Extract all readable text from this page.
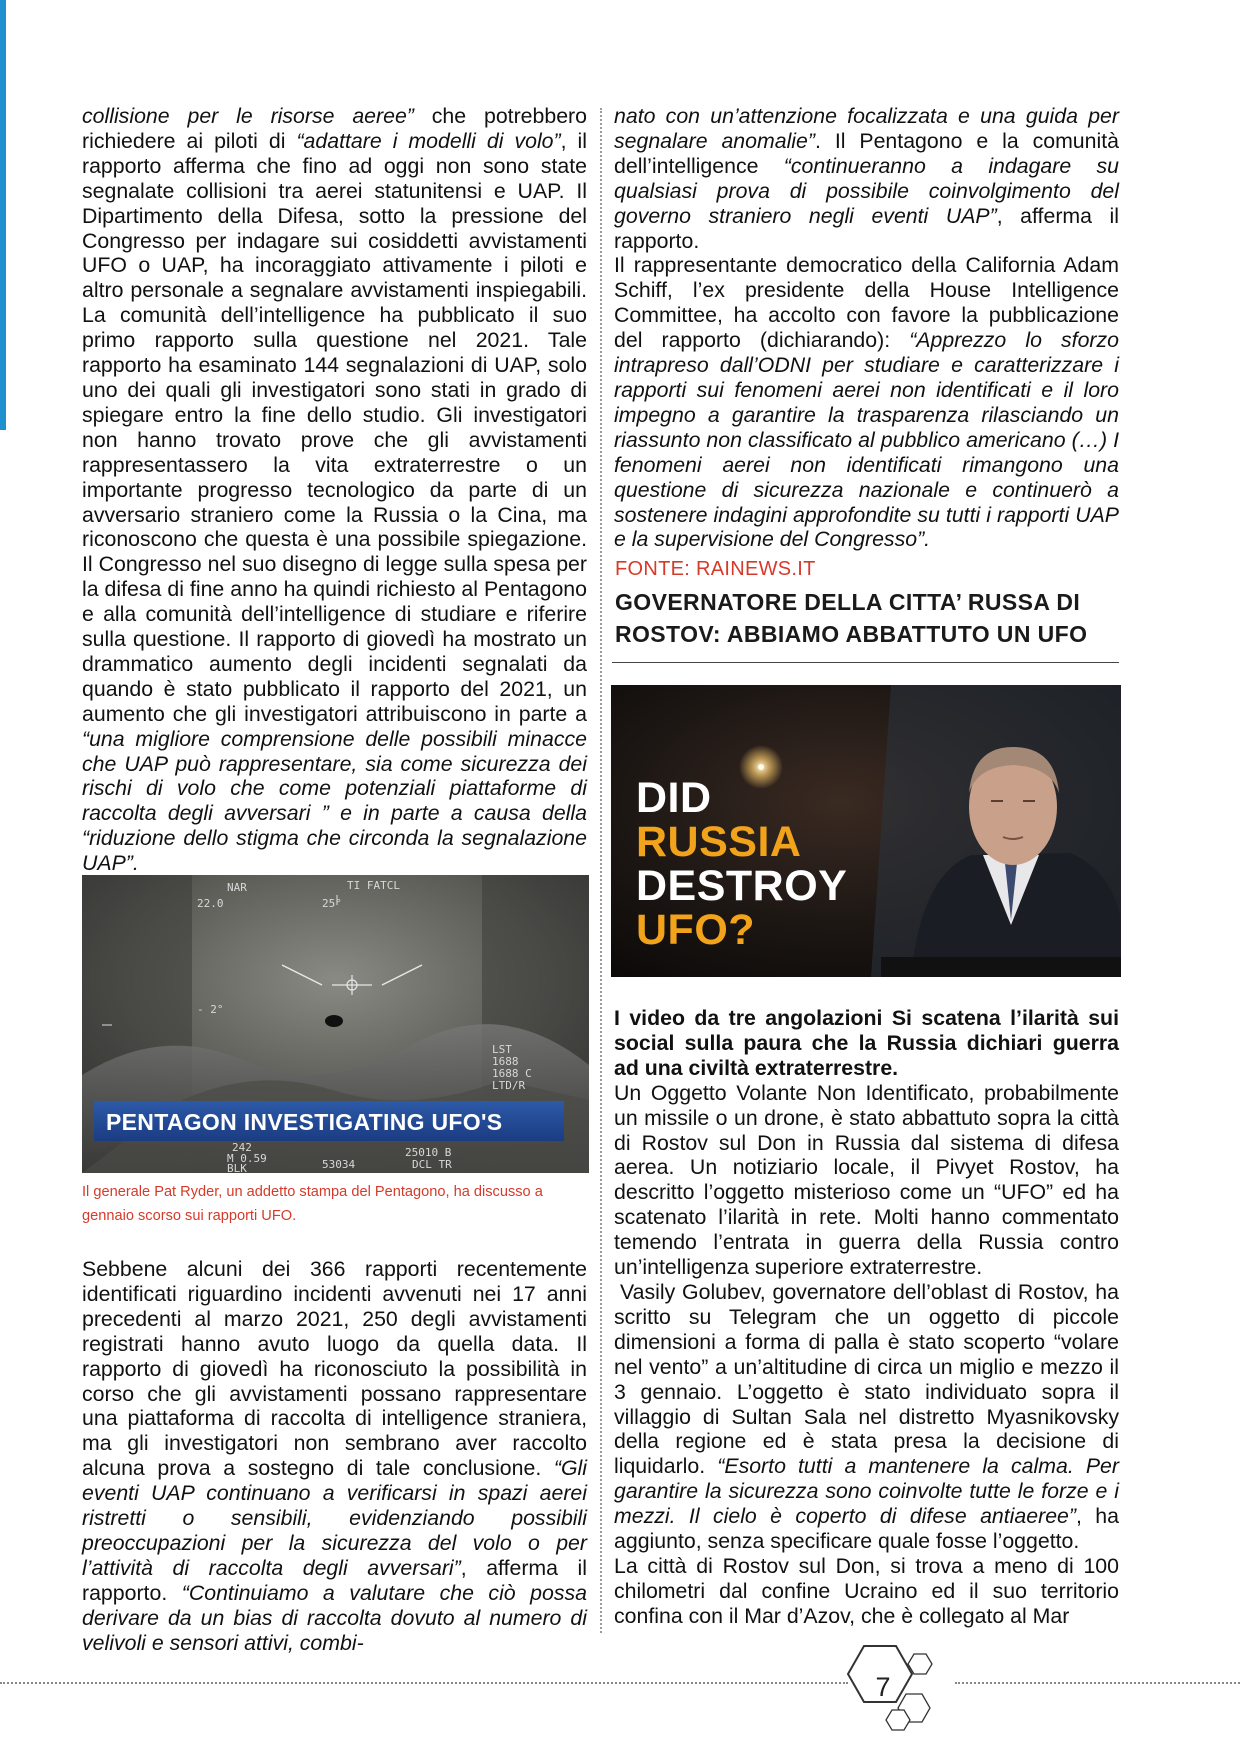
collisione per le risorse aeree” che potrebbero richiedere ai piloti di “adattare i modelli di volo”, il rapporto afferma che fino ad oggi non sono state segnalate collisioni tra aerei statunitensi e UAP. Il Dipartimento della Difesa, sotto la pressione del Congresso per indagare sui cosiddetti avvistamenti UFO o UAP, ha incoraggiato attivamente i piloti e altro personale a segnalare avvistamenti inspiegabili. La comunità dell’intelligence ha pubblicato il suo primo rapporto sulla questione nel 2021. Tale rapporto ha esaminato 144 segnalazioni di UAP, solo uno dei quali gli investigatori sono stati in grado di spiegare entro la fine dello studio. Gli investigatori non hanno trovato prove che gli avvistamenti rappresentassero la vita extraterrestre o un importante progresso tecnologico da parte di un avversario straniero come la Russia o la Cina, ma riconoscono che questa è una possibile spiegazione. Il Congresso nel suo disegno di legge sulla spesa per la difesa di fine anno ha quindi richiesto al Pentagono e alla comunità dell’intelligence di studiare e riferire sulla questione. Il rapporto di giovedì ha mostrato un drammatico aumento degli incidenti segnalati da quando è stato pubblicato il rapporto del 2021, un aumento che gli investigatori attribuiscono in parte a “una migliore comprensione delle possibili minacce che UAP può rappresentare, sia come sicurezza dei rischi di volo che come potenziali piattaforme di raccolta degli avversari ” e in parte a causa della “riduzione dello stigma che circonda la segnalazione UAP”.

NAR	TI FATCL
22.0	25°
- 2°
LST
1688
1688 C
LTD/R
PENTAGON INVESTIGATING UFO'S
242
M 0.59
BLK	53034
25010 B
DCL TR
Il generale Pat Ryder, un addetto stampa del Pentagono, ha discusso a gennaio scorso sui rapporti UFO.

Sebbene alcuni dei 366 rapporti recentemente identificati riguardino incidenti avvenuti nei 17 anni precedenti al marzo 2021, 250 degli avvistamenti registrati hanno avuto luogo da quella data. Il rapporto di giovedì ha riconosciuto la possibilità in corso che gli avvistamenti possano rappresentare una piattaforma di raccolta di intelligence straniera, ma gli investigatori non sembrano aver raccolto alcuna prova a sostegno di tale conclusione. “Gli eventi UAP continuano a verificarsi in spazi aerei ristretti o sensibili, evidenziando possibili preoccupazioni per la sicurezza del volo o per l’attività di raccolta degli avversari”, afferma il rapporto. “Continuiamo a valutare che ciò possa derivare da un bias di raccolta dovuto al numero di velivoli e sensori attivi, combi-

nato con un’attenzione focalizzata e una guida per segnalare anomalie”. Il Pentagono e la comunità dell’intelligence “continueranno a indagare su qualsiasi prova di possibile coinvolgimento del governo straniero negli eventi UAP”, afferma il rapporto.

Il rappresentante democratico della California Adam Schiff, l’ex presidente della House Intelligence Committee, ha accolto con favore la pubblicazione del rapporto (dichiarando): “Apprezzo lo sforzo intrapreso dall’ODNI per studiare e caratterizzare i rapporti sui fenomeni aerei non identificati e il loro impegno a garantire la trasparenza rilasciando un riassunto non classificato al pubblico americano (…) I fenomeni aerei non identificati rimangono una questione di sicurezza nazionale e continuerò a sostenere indagini approfondite su tutti i rapporti UAP e la supervisione del Congresso”.

FONTE: RAINEWS.IT
GOVERNATORE DELLA CITTA’ RUSSA DI ROSTOV: ABBIAMO ABBATTUTO UN UFO
DID
RUSSIA
DESTROY
UFO?

I video da tre angolazioni Si scatena l’ilarità sui social sulla paura che la Russia dichiari guerra ad una civiltà extraterrestre.

Un Oggetto Volante Non Identificato, probabilmente un missile o un drone, è stato abbattuto sopra la città di Rostov sul Don in Russia dal sistema di difesa aerea. Un notiziario locale, il Pivyet Rostov, ha descritto l’oggetto misterioso come un “UFO” ed ha scatenato l’ilarità in rete. Molti hanno commentato temendo l’entrata in guerra della Russia contro un’intelligenza superiore extraterrestre.

Vasily Golubev, governatore dell’oblast di Rostov, ha scritto su Telegram che un oggetto di piccole dimensioni a forma di palla è stato scoperto “volare nel vento” a un’altitudine di circa un miglio e mezzo il 3 gennaio. L’oggetto è stato individuato sopra il villaggio di Sultan Sala nel distretto Myasnikovsky della regione ed è stata presa la decisione di liquidarlo. “Esorto tutti a mantenere la calma. Per garantire la sicurezza sono coinvolte tutte le forze e i mezzi. Il cielo è coperto di difese antiaeree”, ha aggiunto, senza specificare quale fosse l’oggetto.

La città di Rostov sul Don, si trova a meno di 100 chilometri dal confine Ucraino ed il suo territorio confina con il Mar d’Azov, che è collegato al Mar

7
